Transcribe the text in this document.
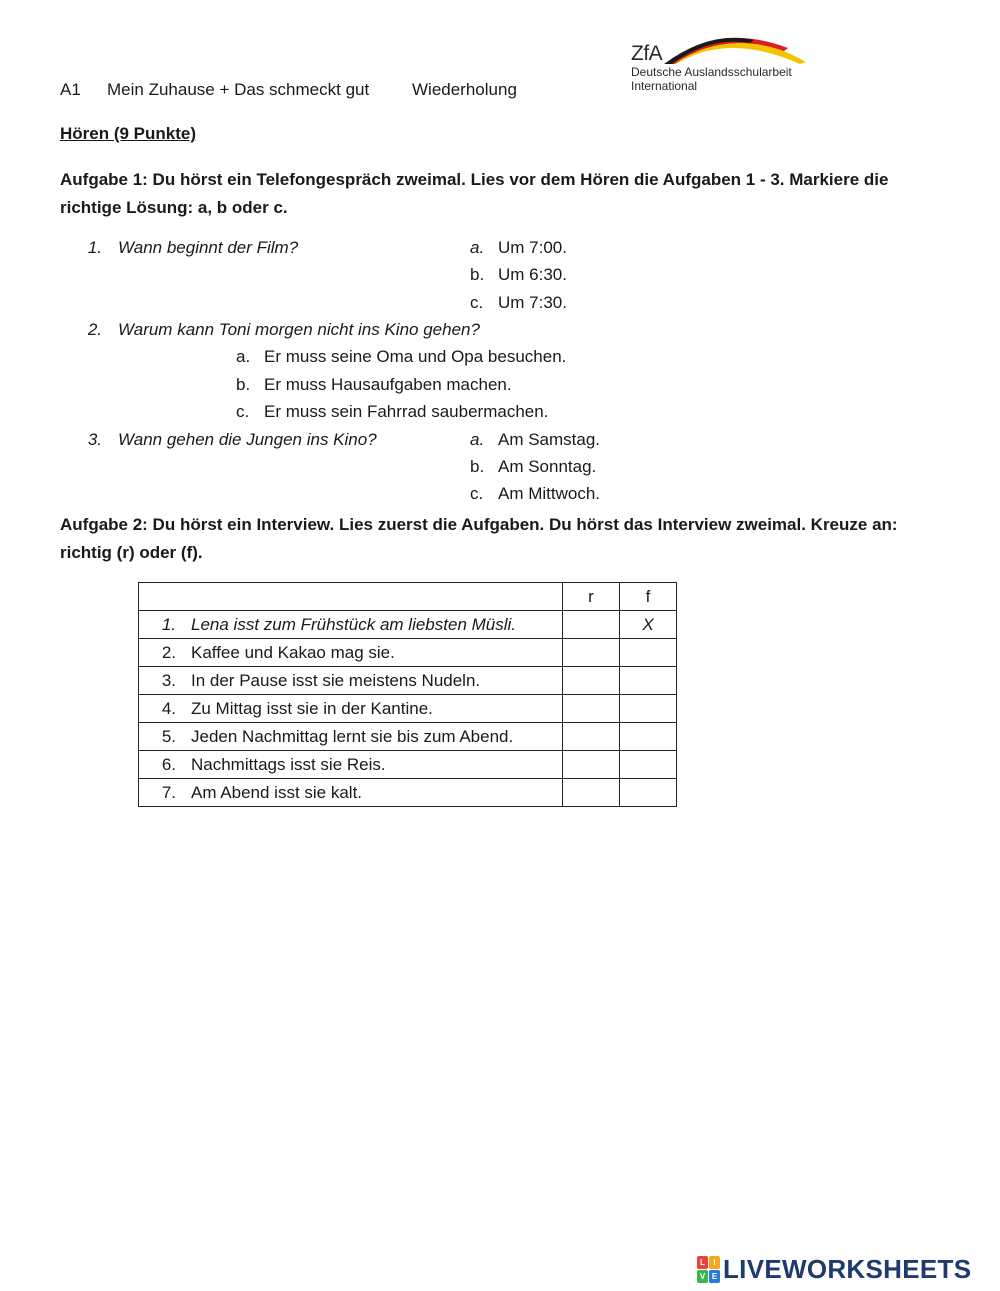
A1 Mein Zuhause + Das schmeckt gut	Wiederholung
ZfA
Deutsche Auslandsschularbeit
International
Hören (9 Punkte)
Aufgabe 1: Du hörst ein Telefongespräch zweimal. Lies vor dem Hören die Aufgaben 1 - 3. Markiere die richtige Lösung: a, b oder c.
1. Wann beginnt der Film?	a. Um 7:00.
b. Um 6:30.
c. Um 7:30.
2. Warum kann Toni morgen nicht ins Kino gehen?
a. Er muss seine Oma und Opa besuchen.
b. Er muss Hausaufgaben machen.
c. Er muss sein Fahrrad saubermachen.
3. Wann gehen die Jungen ins Kino?	a. Am Samstag.
b. Am Sonntag.
c. Am Mittwoch.
Aufgabe 2: Du hörst ein Interview. Lies zuerst die Aufgaben. Du hörst das Interview zweimal. Kreuze an: richtig (r) oder (f).
	r	f
1. Lena isst zum Frühstück am liebsten Müsli.		X
2. Kaffee und Kakao mag sie.		
3. In der Pause isst sie meistens Nudeln.		
4. Zu Mittag isst sie in der Kantine.		
5. Jeden Nachmittag lernt sie bis zum Abend.		
6. Nachmittags isst sie Reis.		
7. Am Abend isst sie kalt.		
L	I
V E LIVEWORKSHEETS
